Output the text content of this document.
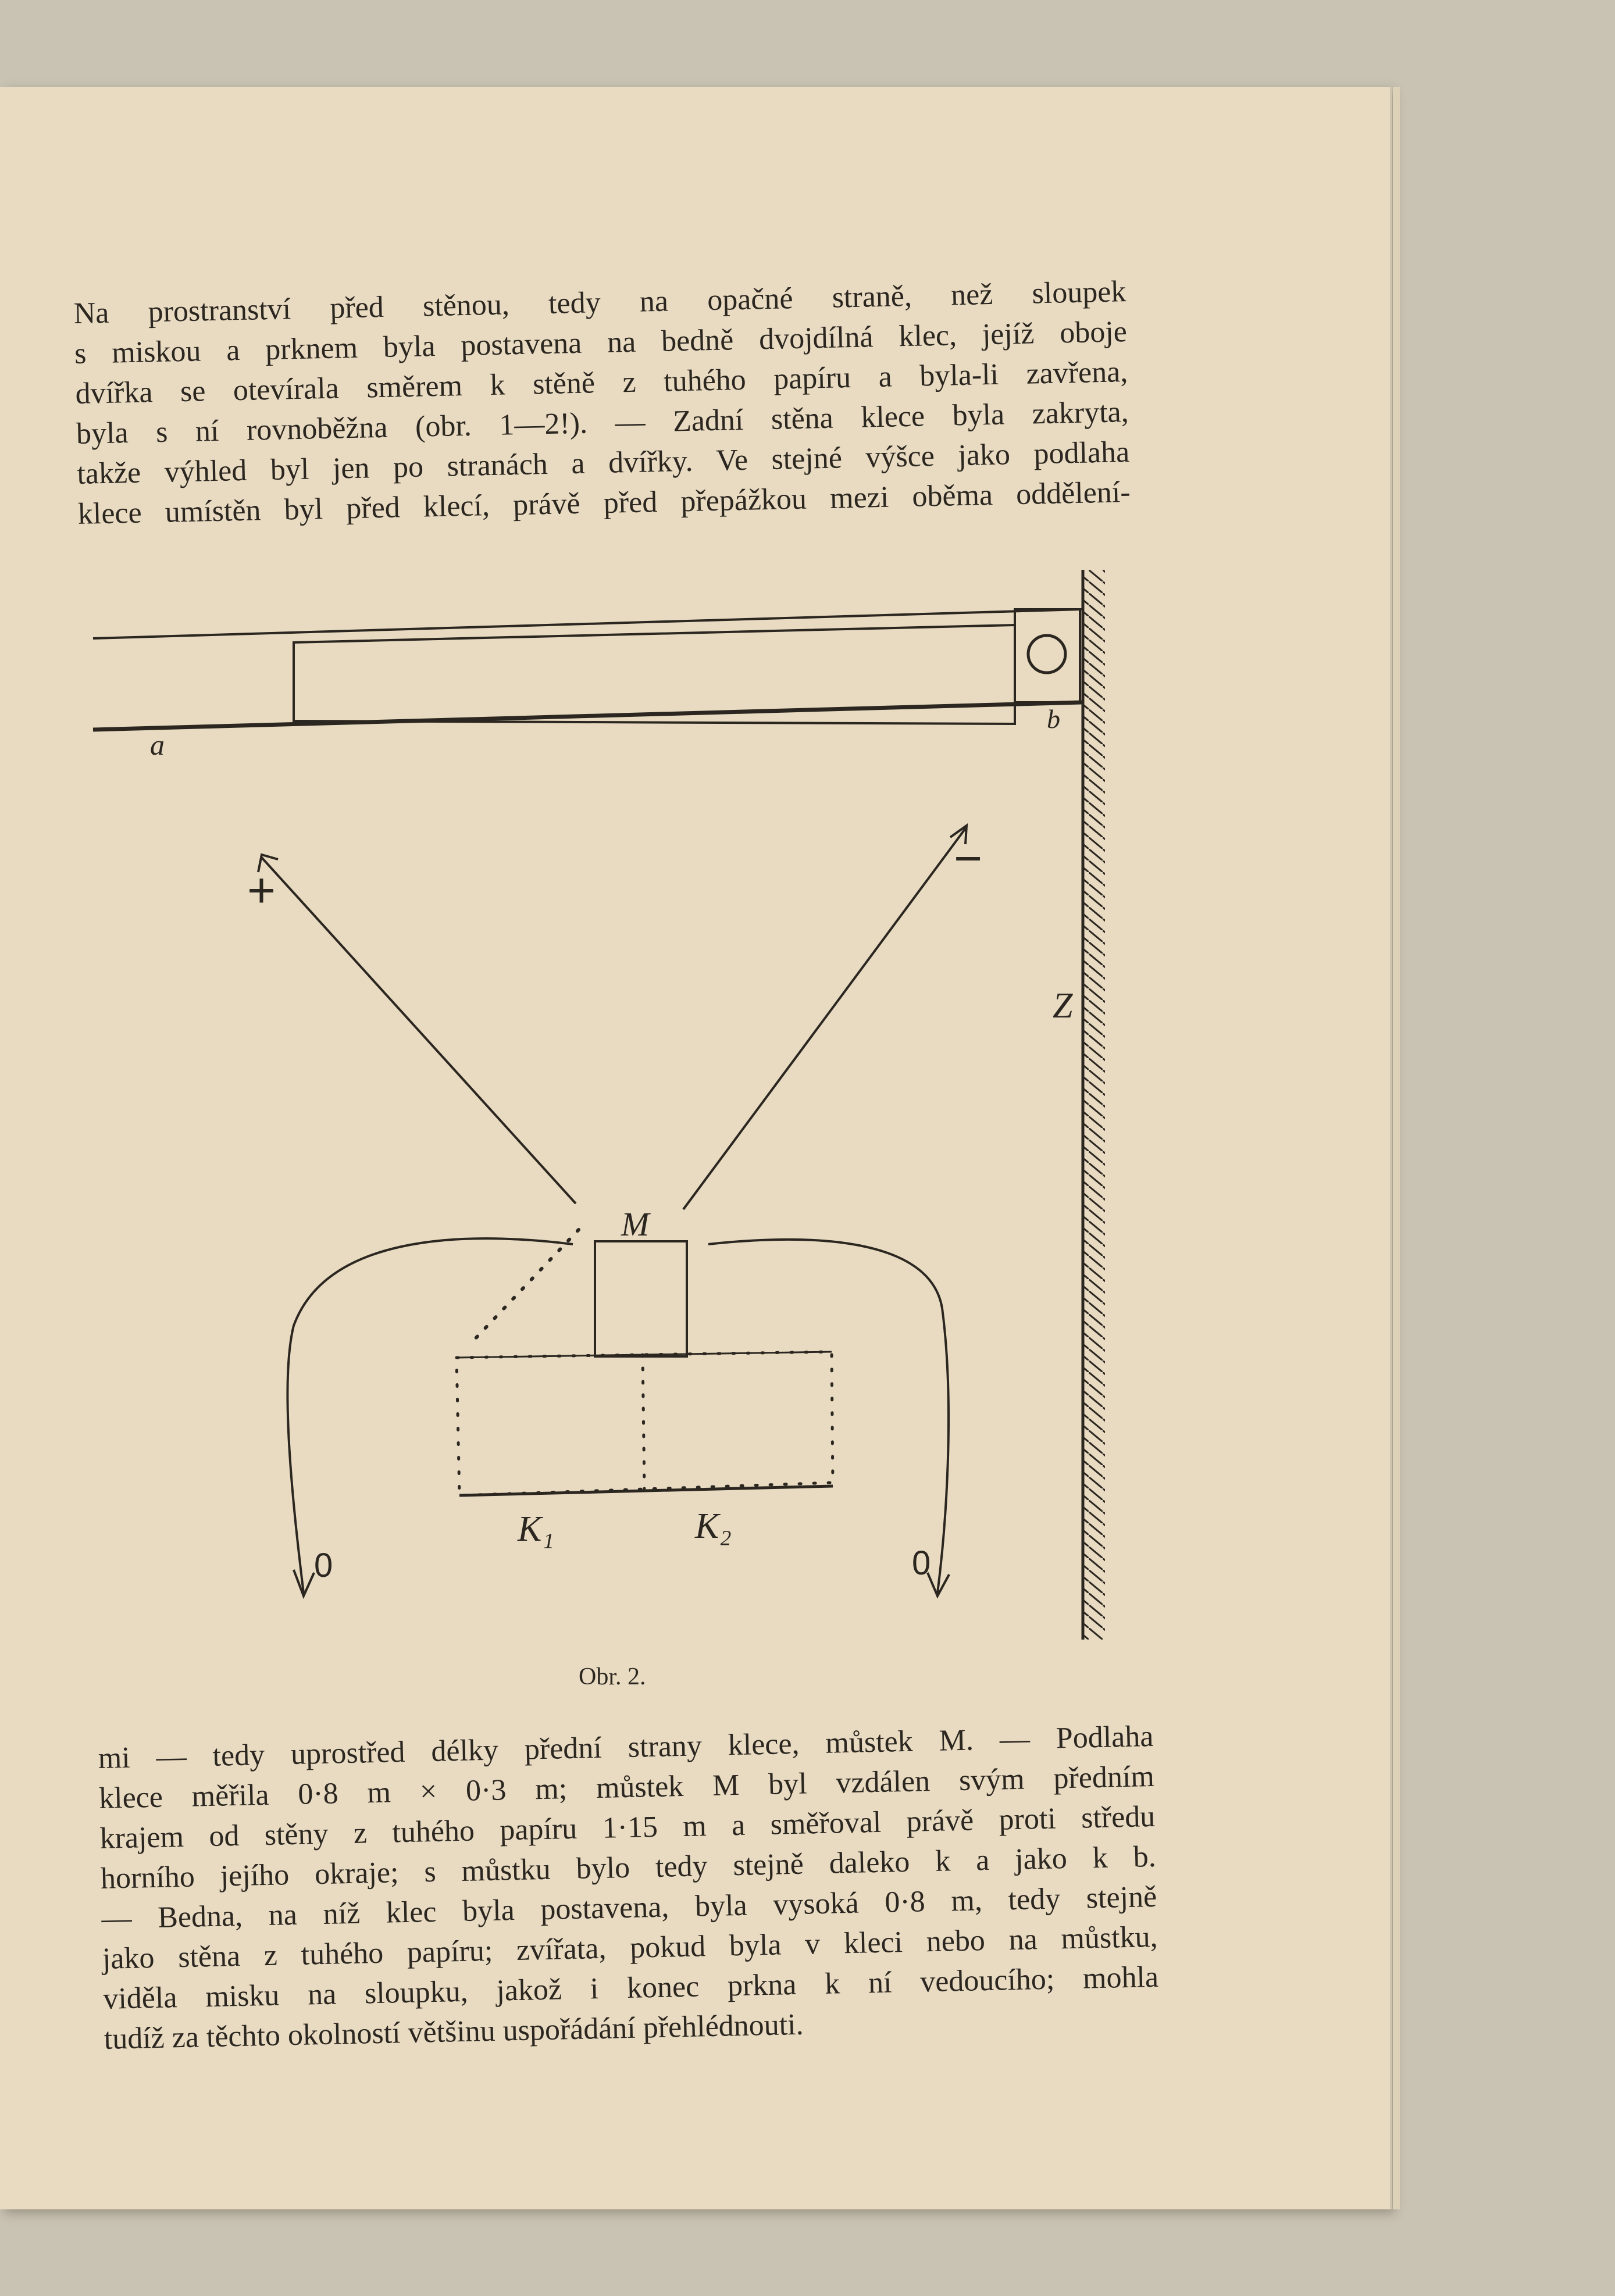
Na prostranství před stěnou, tedy na opačné straně, než sloupek
s miskou a prknem byla postavena na bedně dvojdílná klec, jejíž oboje
dvířka se otevírala směrem k stěně z tuhého papíru a byla-li zavřena,
byla s ní rovnoběžna (obr. 1—2!). — Zadní stěna klece byla zakryta,
takže výhled byl jen po stranách a dvířky. Ve stejné výšce jako podlaha
klece umístěn byl před klecí, právě před přepážkou mezi oběma oddělení-

a
b
Z
M
K₁	K₂
+
−
0	0
Obr. 2.

mi — tedy uprostřed délky přední strany klece, můstek M. — Podlaha
klece měřila 0·8 m × 0·3 m; můstek M byl vzdálen svým předním
krajem od stěny z tuhého papíru 1·15 m a směřoval právě proti středu
horního jejího okraje; s můstku bylo tedy stejně daleko k a jako k b.
— Bedna, na níž klec byla postavena, byla vysoká 0·8 m, tedy stejně
jako stěna z tuhého papíru; zvířata, pokud byla v kleci nebo na můstku,
viděla misku na sloupku, jakož i konec prkna k ní vedoucího; mohla
tudíž za těchto okolností většinu uspořádání přehlédnouti.
